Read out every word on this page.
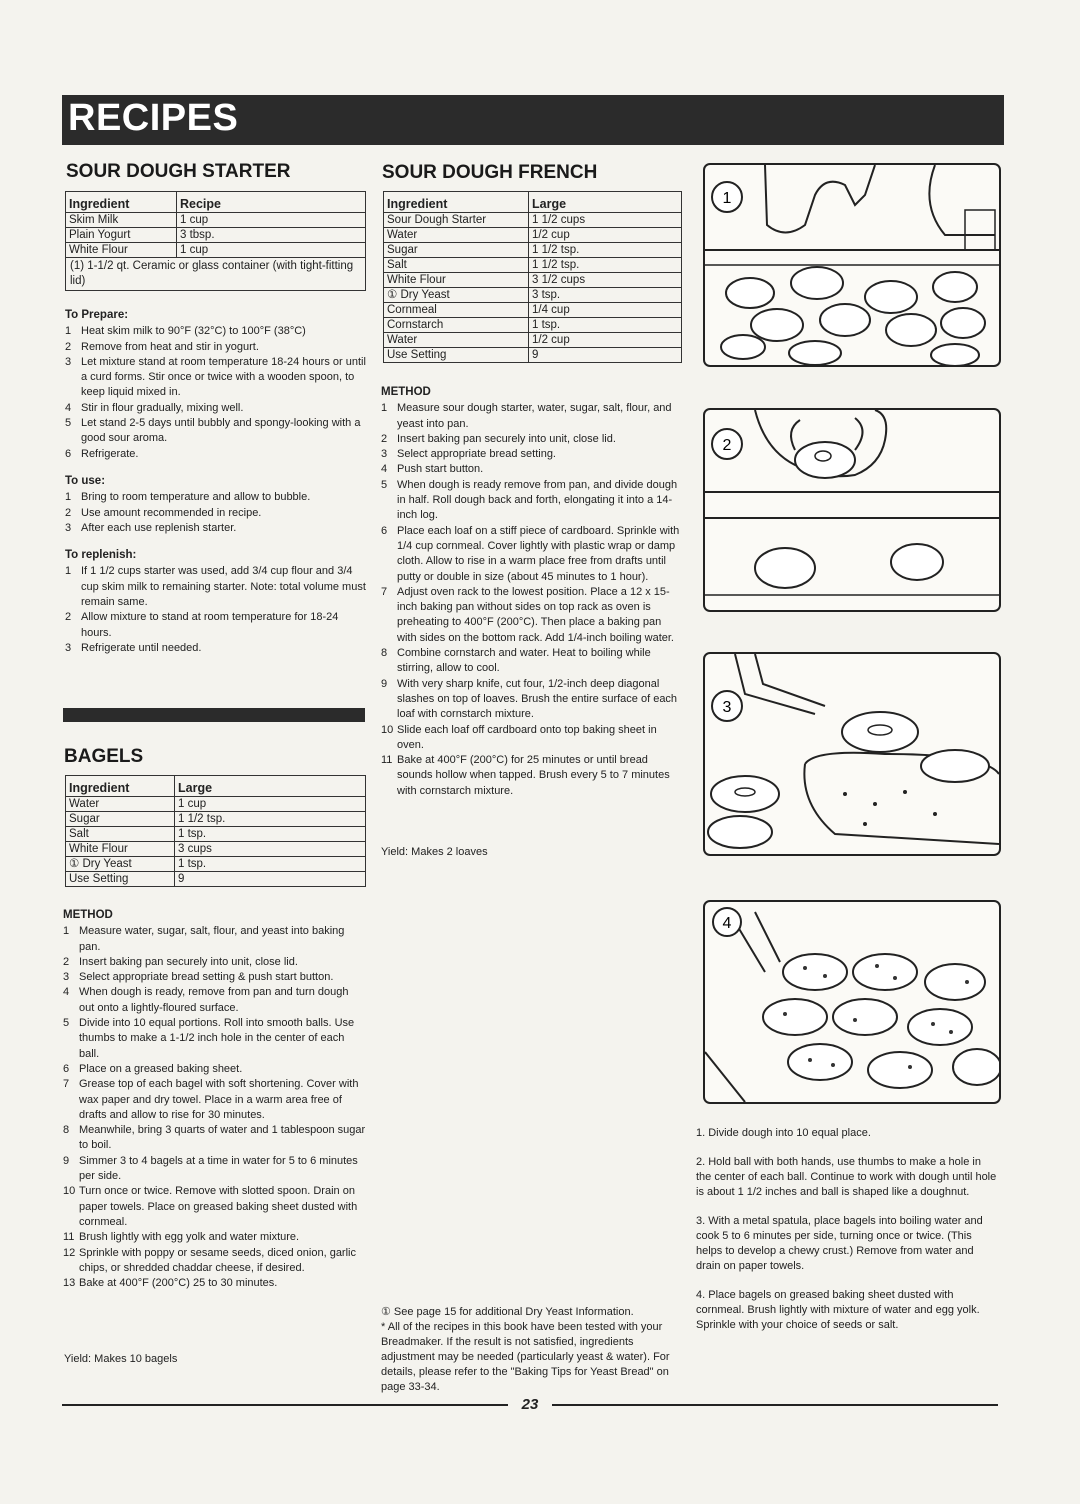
RECIPES
SOUR DOUGH STARTER
Ingredient	Recipe
Skim Milk	1 cup
Plain Yogurt	3 tbsp.
White Flour	1 cup
(1) 1-1/2 qt. Ceramic or glass container (with tight-fitting lid)	
To Prepare:
1 Heat skim milk to 90°F (32°C) to 100°F (38°C)
2 Remove from heat and stir in yogurt.
3 Let mixture stand at room temperature 18-24 hours or until a curd forms. Stir once or twice with a wooden spoon, to keep liquid mixed in.
4 Stir in flour gradually, mixing well.
5 Let stand 2-5 days until bubbly and spongy-looking with a good sour aroma.
6 Refrigerate.
To use:
1 Bring to room temperature and allow to bubble.
2 Use amount recommended in recipe.
3 After each use replenish starter.
To replenish:
1 If 1 1/2 cups starter was used, add 3/4 cup flour and 3/4 cup skim milk to remaining starter. Note: total volume must remain same.
2 Allow mixture to stand at room temperature for 18-24 hours.
3 Refrigerate until needed.
BAGELS
Ingredient	Large
Water	1 cup
Sugar	1 1/2 tsp.
Salt	1 tsp.
White Flour	3 cups
① Dry Yeast	1 tsp.
Use Setting	9
METHOD
1 Measure water, sugar, salt, flour, and yeast into baking pan.
2 Insert baking pan securely into unit, close lid.
3 Select appropriate bread setting & push start button.
4 When dough is ready, remove from pan and turn dough out onto a lightly-floured surface.
5 Divide into 10 equal portions. Roll into smooth balls. Use thumbs to make a 1-1/2 inch hole in the center of each ball.
6 Place on a greased baking sheet.
7 Grease top of each bagel with soft shortening. Cover with wax paper and dry towel. Place in a warm area free of drafts and allow to rise for 30 minutes.
8 Meanwhile, bring 3 quarts of water and 1 tablespoon sugar to boil.
9 Simmer 3 to 4 bagels at a time in water for 5 to 6 minutes per side.
10 Turn once or twice. Remove with slotted spoon. Drain on paper towels. Place on greased baking sheet dusted with cornmeal.
11 Brush lightly with egg yolk and water mixture.
12 Sprinkle with poppy or sesame seeds, diced onion, garlic chips, or shredded chaddar cheese, if desired.
13 Bake at 400°F (200°C) 25 to 30 minutes.
Yield: Makes 10 bagels
SOUR DOUGH FRENCH
Ingredient	Large
Sour Dough Starter	1 1/2 cups
Water	1/2 cup
Sugar	1 1/2 tsp.
Salt	1 1/2 tsp.
White Flour	3 1/2 cups
① Dry Yeast	3 tsp.
Cornmeal	1/4 cup
Cornstarch	1 tsp.
Water	1/2 cup
Use Setting	9
METHOD
1 Measure sour dough starter, water, sugar, salt, flour, and yeast into pan.
2 Insert baking pan securely into unit, close lid.
3 Select appropriate bread setting.
4 Push start button.
5 When dough is ready remove from pan, and divide dough in half. Roll dough back and forth, elongating it into a 14-inch log.
6 Place each loaf on a stiff piece of cardboard. Sprinkle with 1/4 cup cornmeal. Cover lightly with plastic wrap or damp cloth. Allow to rise in a warm place free from drafts until putty or double in size (about 45 minutes to 1 hour).
7 Adjust oven rack to the lowest position. Place a 12 x 15-inch baking pan without sides on top rack as oven is preheating to 400°F (200°C). Then place a baking pan with sides on the bottom rack. Add 1/4-inch boiling water.
8 Combine cornstarch and water. Heat to boiling while stirring, allow to cool.
9 With very sharp knife, cut four, 1/2-inch deep diagonal slashes on top of loaves. Brush the entire surface of each loaf with cornstarch mixture.
10 Slide each loaf off cardboard onto top baking sheet in oven.
11 Bake at 400°F (200°C) for 25 minutes or until bread sounds hollow when tapped. Brush every 5 to 7 minutes with cornstarch mixture.
Yield: Makes 2 loaves

① See page 15 for additional Dry Yeast Information.

* All of the recipes in this book have been tested with your Breadmaker. If the result is not satisfied, ingredients adjustment may be needed (particularly yeast & water). For details, please refer to the "Baking Tips for Yeast Bread" on page 33-34.

1
2
3
4

1. Divide dough into 10 equal place.

2. Hold ball with both hands, use thumbs to make a hole in the center of each ball. Continue to work with dough until hole is about 1 1/2 inches and ball is shaped like a doughnut.

3. With a metal spatula, place bagels into boiling water and cook 5 to 6 minutes per side, turning once or twice. (This helps to develop a chewy crust.) Remove from water and drain on paper towels.

4. Place bagels on greased baking sheet dusted with cornmeal. Brush lightly with mixture of water and egg yolk. Sprinkle with your choice of seeds or salt.

23
